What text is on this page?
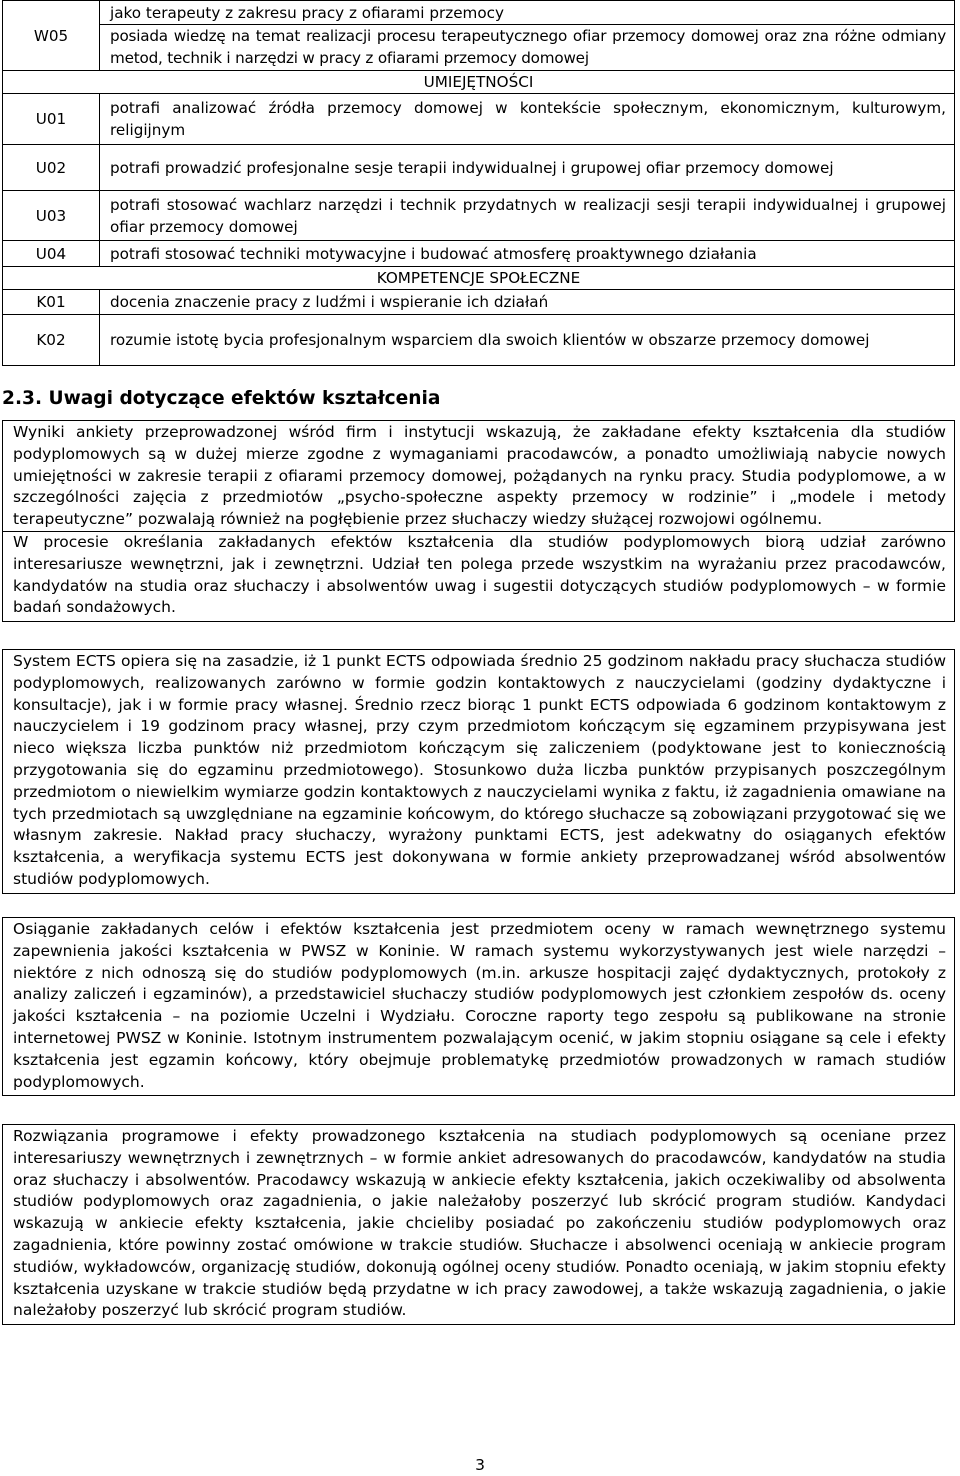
W05	jako terapeuty z zakresu pracy z ofiarami przemocy
posiada wiedzę na temat realizacji procesu terapeutycznego ofiar przemocy domowej oraz zna różne odmiany metod, technik i narzędzi w pracy z ofiarami przemocy domowej

UMIEJĘTNOŚCI	
U01	potrafi analizować źródła przemocy domowej w kontekście społecznym, ekonomicznym, kulturowym, religijnym
U02	potrafi prowadzić profesjonalne sesje terapii indywidualnej i grupowej ofiar przemocy domowej
U03	potrafi stosować wachlarz narzędzi i technik przydatnych w realizacji sesji terapii indywidualnej i grupowej ofiar przemocy domowej
U04	potrafi stosować techniki motywacyjne i budować atmosferę proaktywnego działania
KOMPETENCJE SPOŁECZNE	
K01	docenia znaczenie pracy z ludźmi i wspieranie ich działań
K02	rozumie istotę bycia profesjonalnym wsparciem dla swoich klientów w obszarze przemocy domowej
2.3. Uwagi dotyczące efektów kształcenia

Wyniki ankiety przeprowadzonej wśród firm i instytucji wskazują, że zakładane efekty kształcenia dla studiów podyplomowych są w dużej mierze zgodne z wymaganiami pracodawców, a ponadto umożliwiają nabycie nowych umiejętności w zakresie terapii z ofiarami przemocy domowej, pożądanych na rynku pracy. Studia podyplomowe, a w szczególności zajęcia z przedmiotów „psycho-społeczne aspekty przemocy w rodzinie” i „modele i metody terapeutyczne” pozwalają również na pogłębienie przez słuchaczy wiedzy służącej rozwojowi ogólnemu.

W procesie określania zakładanych efektów kształcenia dla studiów podyplomowych biorą udział zarówno interesariusze wewnętrzni, jak i zewnętrzni. Udział ten polega przede wszystkim na wyrażaniu przez pracodawców, kandydatów na studia oraz słuchaczy i absolwentów uwag i sugestii dotyczących studiów podyplomowych – w formie badań sondażowych.

System ECTS opiera się na zasadzie, iż 1 punkt ECTS odpowiada średnio 25 godzinom nakładu pracy słuchacza studiów podyplomowych, realizowanych zarówno w formie godzin kontaktowych z nauczycielami (godziny dydaktyczne i konsultacje), jak i w formie pracy własnej. Średnio rzecz biorąc 1 punkt ECTS odpowiada 6 godzinom kontaktowym z nauczycielem i 19 godzinom pracy własnej, przy czym przedmiotom kończącym się egzaminem przypisywana jest nieco większa liczba punktów niż przedmiotom kończącym się zaliczeniem (podyktowane jest to koniecznością przygotowania się do egzaminu przedmiotowego). Stosunkowo duża liczba punktów przypisanych poszczególnym przedmiotom o niewielkim wymiarze godzin kontaktowych z nauczycielami wynika z faktu, iż zagadnienia omawiane na tych przedmiotach są uwzględniane na egzaminie końcowym, do którego słuchacze są zobowiązani przygotować się we własnym zakresie. Nakład pracy słuchaczy, wyrażony punktami ECTS, jest adekwatny do osiąganych efektów kształcenia, a weryfikacja systemu ECTS jest dokonywana w formie ankiety przeprowadzanej wśród absolwentów studiów podyplomowych.

Osiąganie zakładanych celów i efektów kształcenia jest przedmiotem oceny w ramach wewnętrznego systemu zapewnienia jakości kształcenia w PWSZ w Koninie. W ramach systemu wykorzystywanych jest wiele narzędzi – niektóre z nich odnoszą się do studiów podyplomowych (m.in. arkusze hospitacji zajęć dydaktycznych, protokoły z analizy zaliczeń i egzaminów), a przedstawiciel słuchaczy studiów podyplomowych jest członkiem zespołów ds. oceny jakości kształcenia – na poziomie Uczelni i Wydziału. Coroczne raporty tego zespołu są publikowane na stronie internetowej PWSZ w Koninie. Istotnym instrumentem pozwalającym ocenić, w jakim stopniu osiągane są cele i efekty kształcenia jest egzamin końcowy, który obejmuje problematykę przedmiotów prowadzonych w ramach studiów podyplomowych.

Rozwiązania programowe i efekty prowadzonego kształcenia na studiach podyplomowych są oceniane przez interesariuszy wewnętrznych i zewnętrznych – w formie ankiet adresowanych do pracodawców, kandydatów na studia oraz słuchaczy i absolwentów. Pracodawcy wskazują w ankiecie efekty kształcenia, jakich oczekiwaliby od absolwenta studiów podyplomowych oraz zagadnienia, o jakie należałoby poszerzyć lub skrócić program studiów. Kandydaci wskazują w ankiecie efekty kształcenia, jakie chcieliby posiadać po zakończeniu studiów podyplomowych oraz zagadnienia, które powinny zostać omówione w trakcie studiów. Słuchacze i absolwenci oceniają w ankiecie program studiów, wykładowców, organizację studiów, dokonują ogólnej oceny studiów. Ponadto oceniają, w jakim stopniu efekty kształcenia uzyskane w trakcie studiów będą przydatne w ich pracy zawodowej, a także wskazują zagadnienia, o jakie należałoby poszerzyć lub skrócić program studiów.

3
